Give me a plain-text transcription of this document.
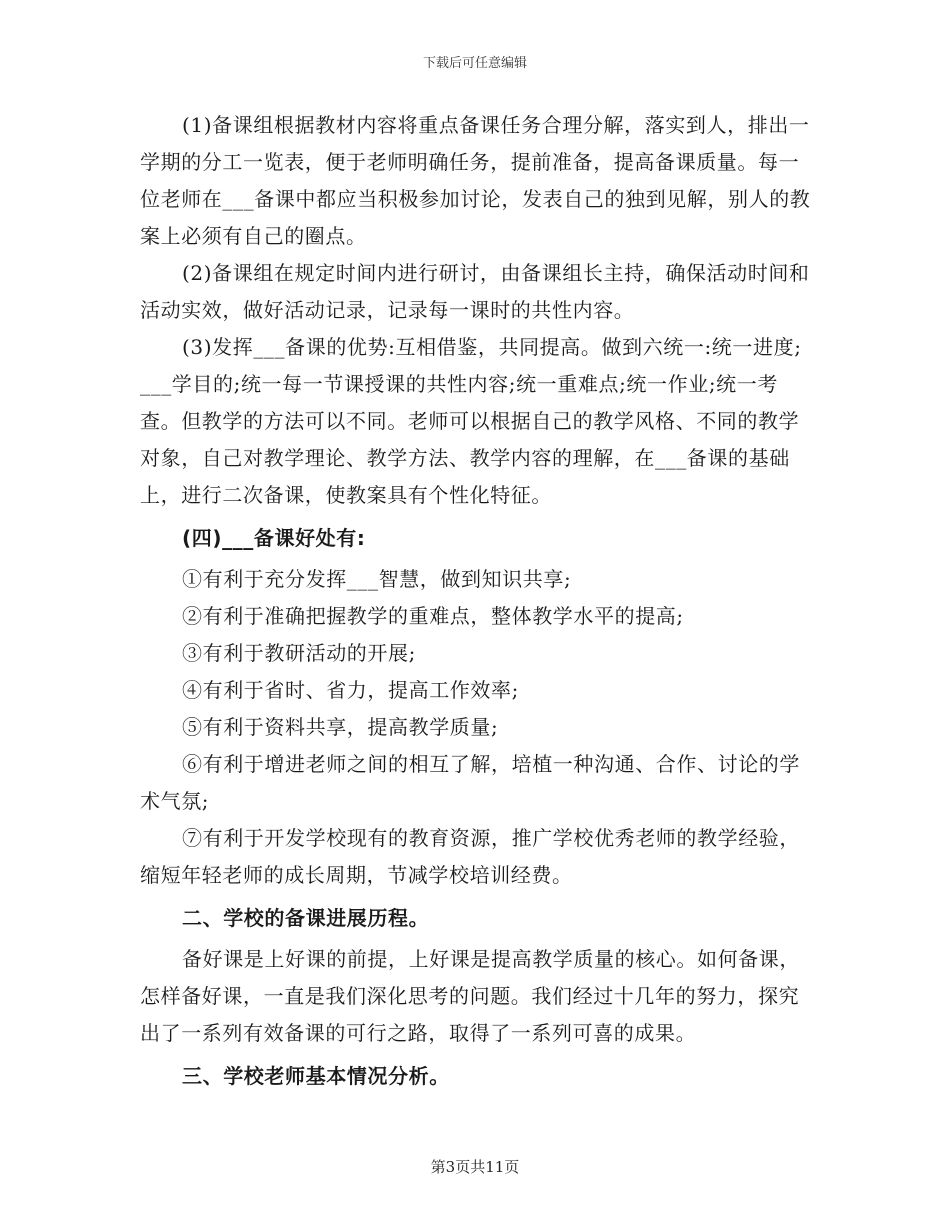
下载后可任意编辑

(1)备课组根据教材内容将重点备课任务合理分解，落实到人，排出一学期的分工一览表，便于老师明确任务，提前准备，提高备课质量。每一位老师在___备课中都应当积极参加讨论，发表自己的独到见解，别人的教案上必须有自己的圈点。

(2)备课组在规定时间内进行研讨，由备课组长主持，确保活动时间和活动实效，做好活动记录，记录每一课时的共性内容。

(3)发挥___备课的优势:互相借鉴，共同提高。做到六统一:统一进度;___学目的;统一每一节课授课的共性内容;统一重难点;统一作业;统一考查。但教学的方法可以不同。老师可以根据自己的教学风格、不同的教学对象，自己对教学理论、教学方法、教学内容的理解，在___备课的基础上，进行二次备课，使教案具有个性化特征。

(四)___备课好处有:

①有利于充分发挥___智慧，做到知识共享;

②有利于准确把握教学的重难点，整体教学水平的提高;

③有利于教研活动的开展;

④有利于省时、省力，提高工作效率;

⑤有利于资料共享，提高教学质量;

⑥有利于增进老师之间的相互了解，培植一种沟通、合作、讨论的学术气氛;

⑦有利于开发学校现有的教育资源，推广学校优秀老师的教学经验，缩短年轻老师的成长周期，节减学校培训经费。

二、学校的备课进展历程。

备好课是上好课的前提，上好课是提高教学质量的核心。如何备课，怎样备好课，一直是我们深化思考的问题。我们经过十几年的努力，探究出了一系列有效备课的可行之路，取得了一系列可喜的成果。

三、学校老师基本情况分析。

第3页共11页
